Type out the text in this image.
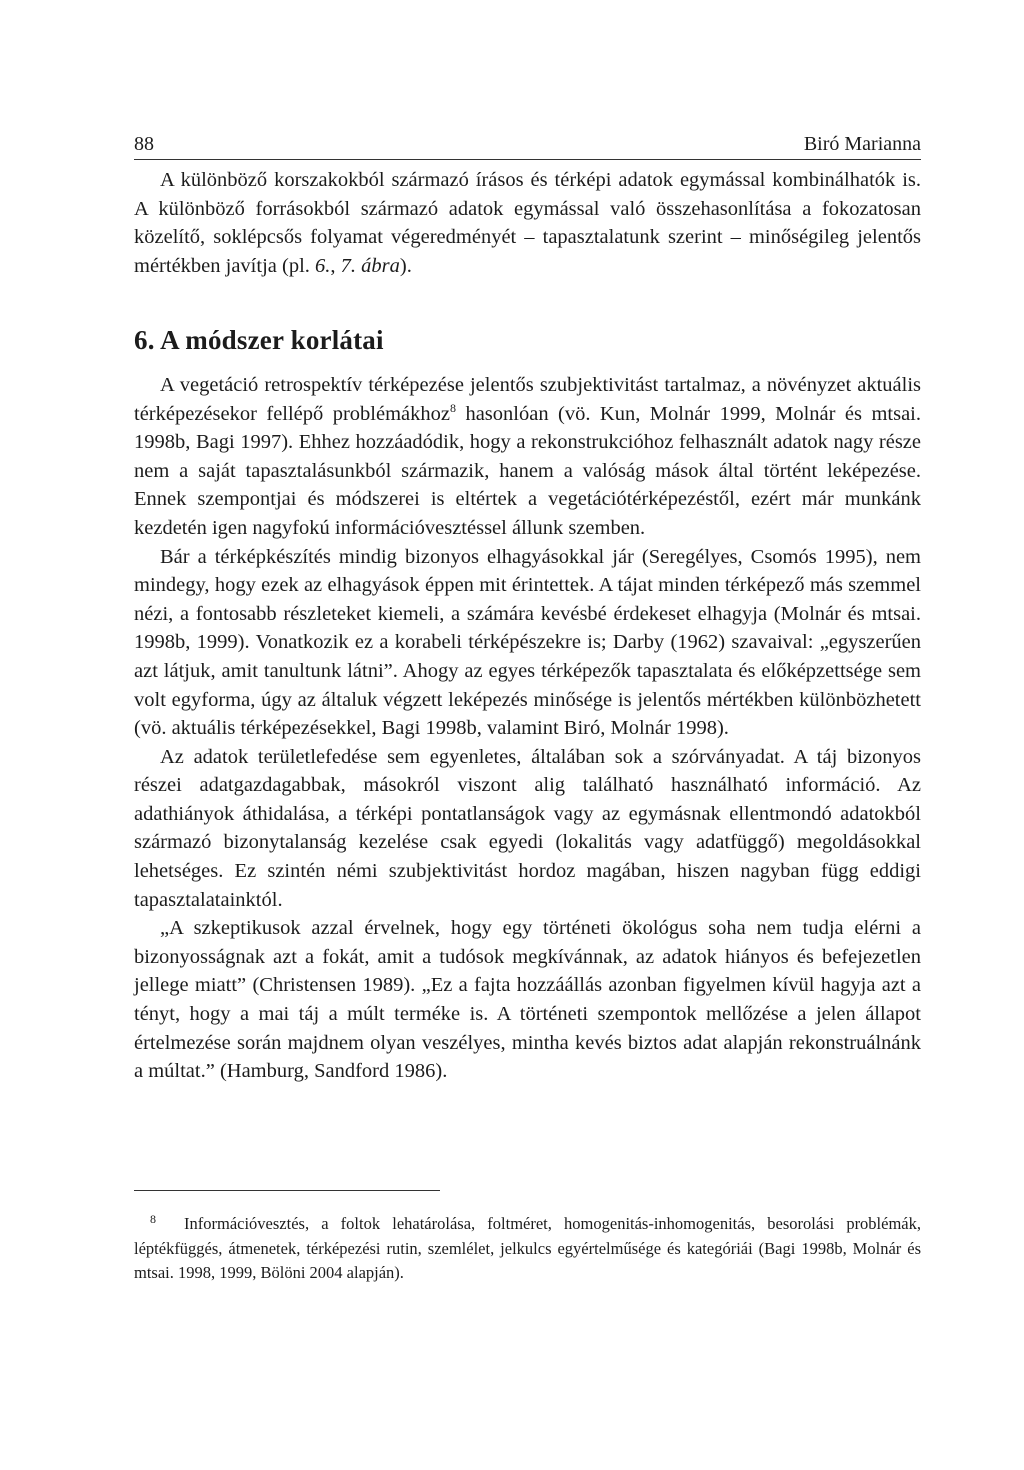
88	Biró Marianna

A különböző korszakokból származó írásos és térképi adatok egymással kombinálhatók is. A különböző forrásokból származó adatok egymással való összehasonlítása a fokozatosan közelítő, soklépcsős folyamat végeredményét – tapasztalatunk szerint – minőségileg jelentős mértékben javítja (pl. 6., 7. ábra).

6. A módszer korlátai

A vegetáció retrospektív térképezése jelentős szubjektivitást tartalmaz, a növényzet aktuális térképezésekor fellépő problémákhoz$^8$ hasonlóan (vö. Kun, Molnár 1999, Molnár és mtsai. 1998b, Bagi 1997). Ehhez hozzáadódik, hogy a rekonstrukcióhoz felhasznált adatok nagy része nem a saját tapasztalásunkból származik, hanem a valóság mások által történt leképezése. Ennek szempontjai és módszerei is eltértek a vegetációtérképezéstől, ezért már munkánk kezdetén igen nagyfokú információvesztéssel állunk szemben.

Bár a térképkészítés mindig bizonyos elhagyásokkal jár (Seregélyes, Csomós 1995), nem mindegy, hogy ezek az elhagyások éppen mit érintettek. A tájat minden térképező más szemmel nézi, a fontosabb részleteket kiemeli, a számára kevésbé érdekeset elhagyja (Molnár és mtsai. 1998b, 1999). Vonatkozik ez a korabeli térképészekre is; Darby (1962) szavaival: „egyszerűen azt látjuk, amit tanultunk látni”. Ahogy az egyes térképezők tapasztalata és előképzettsége sem volt egyforma, úgy az általuk végzett leképezés minősége is jelentős mértékben különbözhetett (vö. aktuális térképezésekkel, Bagi 1998b, valamint Biró, Molnár 1998).

Az adatok területlefedése sem egyenletes, általában sok a szórványadat. A táj bizonyos részei adatgazdagabbak, másokról viszont alig található használható információ. Az adathiányok áthidalása, a térképi pontatlanságok vagy az egymásnak ellentmondó adatokból származó bizonytalanság kezelése csak egyedi (lokalitás vagy adatfüggő) megoldásokkal lehetséges. Ez szintén némi szubjektivitást hordoz magában, hiszen nagyban függ eddigi tapasztalatainktól.

„A szkeptikusok azzal érvelnek, hogy egy történeti ökológus soha nem tudja elérni a bizonyosságnak azt a fokát, amit a tudósok megkívánnak, az adatok hiányos és befejezetlen jellege miatt” (Christensen 1989). „Ez a fajta hozzáállás azonban figyelmen kívül hagyja azt a tényt, hogy a mai táj a múlt terméke is. A történeti szempontok mellőzése a jelen állapot értelmezése során majdnem olyan veszélyes, mintha kevés biztos adat alapján rekonstruálnánk a múltat.” (Hamburg, Sandford 1986).

$^8$ Információvesztés, a foltok lehatárolása, foltméret, homogenitás-inhomogenitás, besorolási problémák, léptékfüggés, átmenetek, térképezési rutin, szemlélet, jelkulcs egyértelműsége és kategóriái (Bagi 1998b, Molnár és mtsai. 1998, 1999, Bölöni 2004 alapján).
